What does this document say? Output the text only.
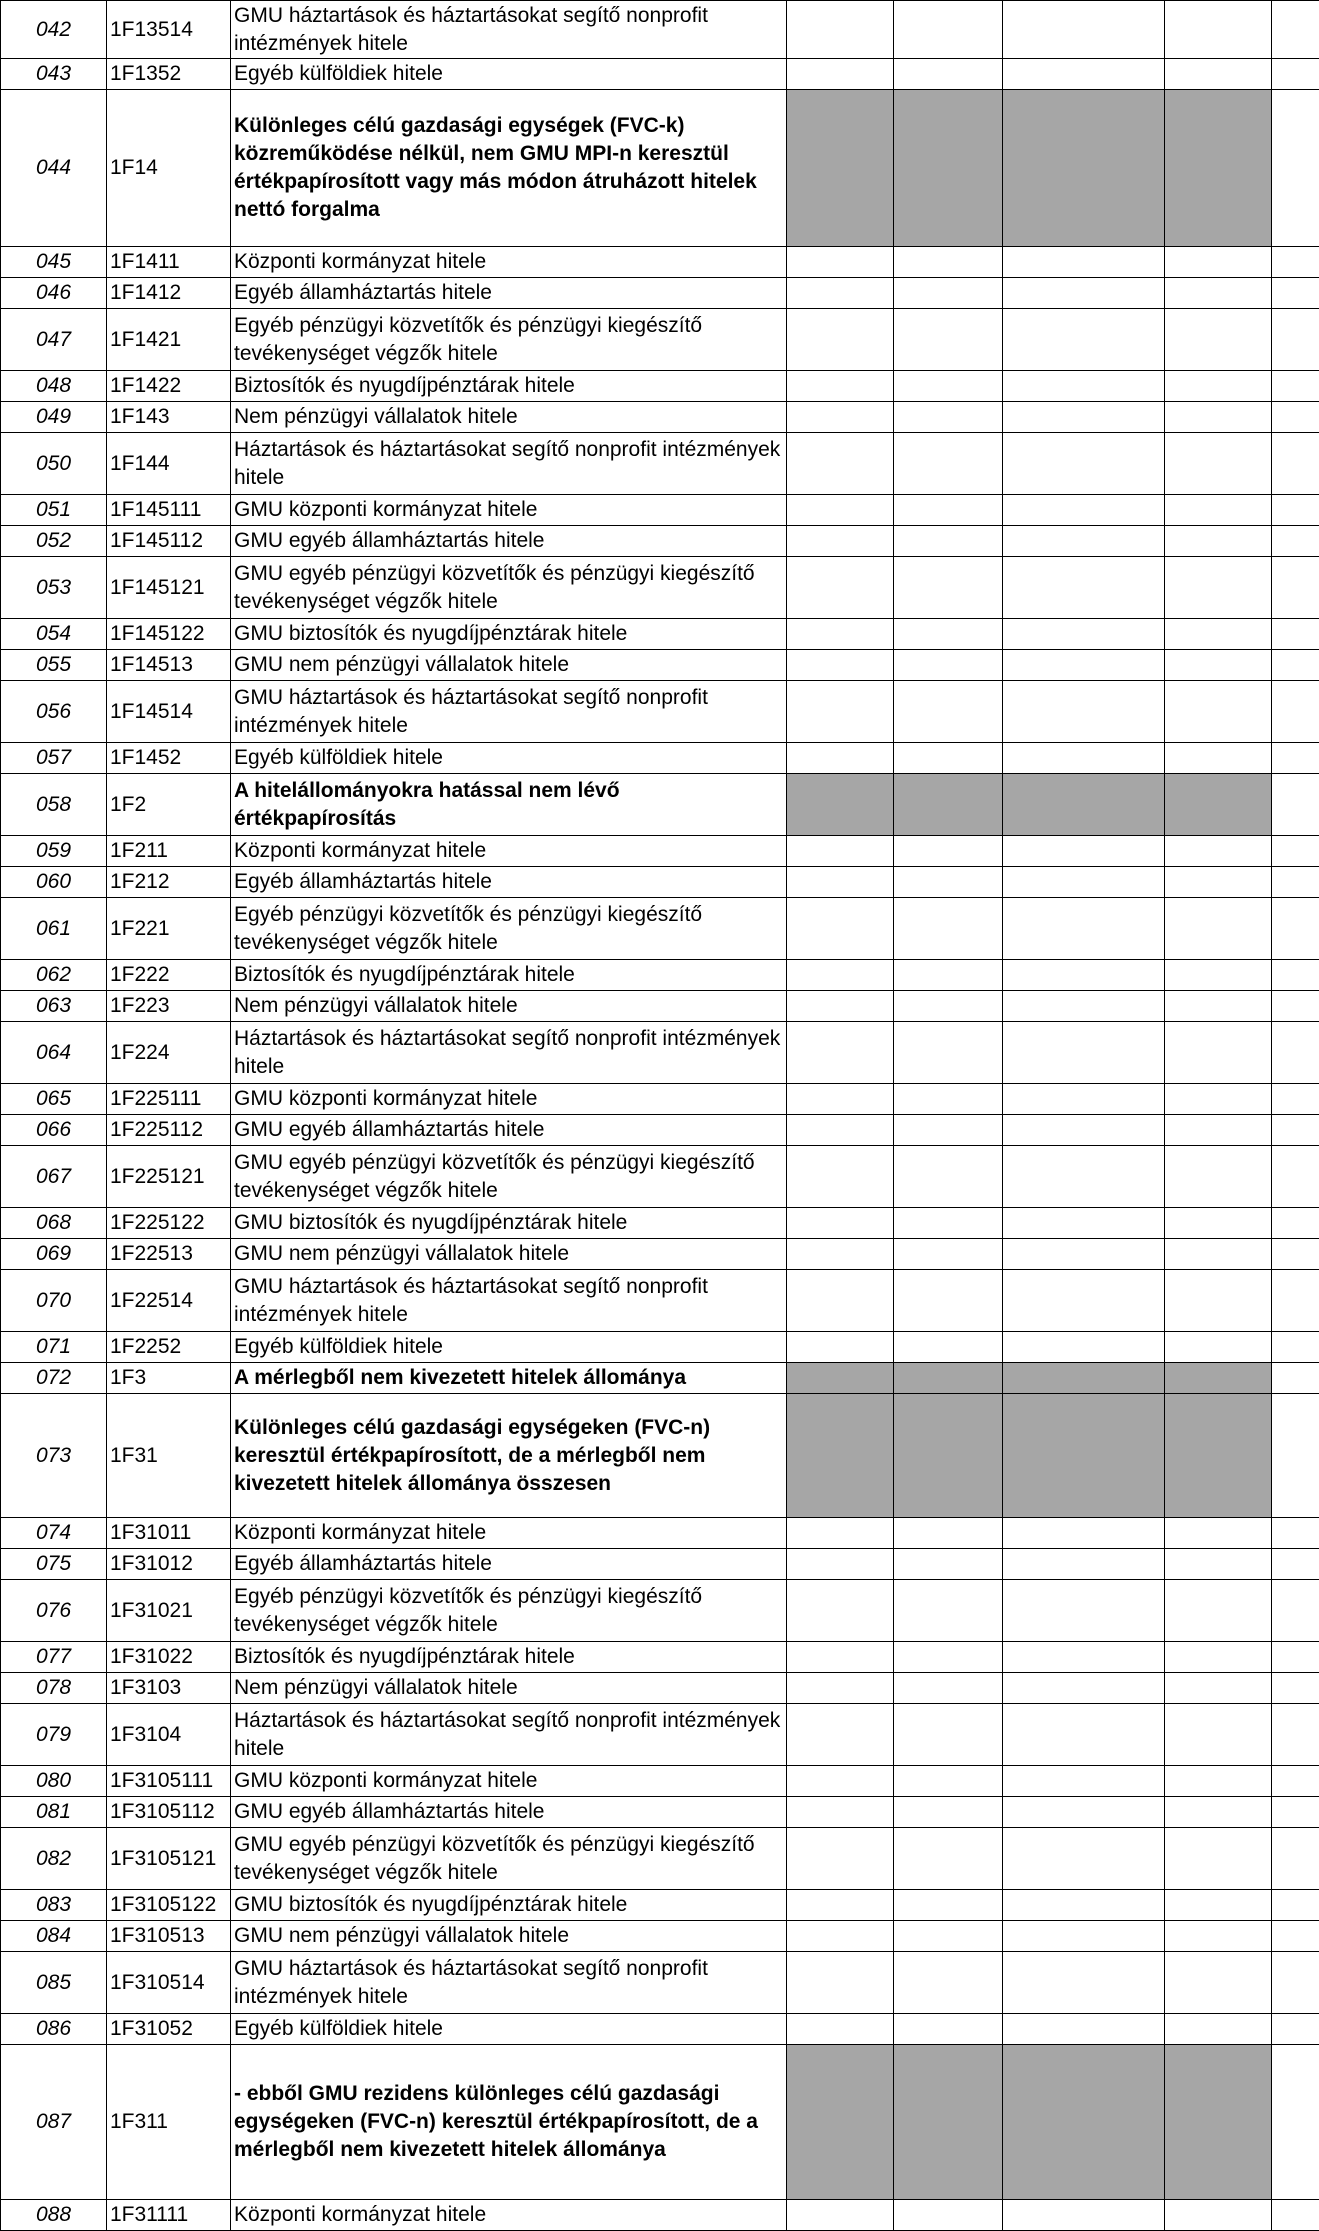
042	1F13514	GMU háztartások és háztartásokat segítő nonprofit intézmények hitele					
043	1F1352	Egyéb külföldiek hitele					
044	1F14	Különleges célú gazdasági egységek (FVC-k) közreműködése nélkül, nem GMU MPI-n keresztül értékpapírosított vagy más módon átruházott hitelek nettó forgalma					
045	1F1411	Központi kormányzat hitele					
046	1F1412	Egyéb államháztartás hitele					
047	1F1421	Egyéb pénzügyi közvetítők és pénzügyi kiegészítő tevékenységet végzők hitele					
048	1F1422	Biztosítók és nyugdíjpénztárak hitele					
049	1F143	Nem pénzügyi vállalatok hitele					
050	1F144	Háztartások és háztartásokat segítő nonprofit intézmények hitele					
051	1F145111	GMU központi kormányzat hitele					
052	1F145112	GMU egyéb államháztartás hitele					
053	1F145121	GMU egyéb pénzügyi közvetítők és pénzügyi kiegészítő tevékenységet végzők hitele					
054	1F145122	GMU biztosítók és nyugdíjpénztárak hitele					
055	1F14513	GMU nem pénzügyi vállalatok hitele					
056	1F14514	GMU háztartások és háztartásokat segítő nonprofit intézmények hitele					
057	1F1452	Egyéb külföldiek hitele					
058	1F2	A hitelállományokra hatással nem lévő értékpapírosítás					
059	1F211	Központi kormányzat hitele					
060	1F212	Egyéb államháztartás hitele					
061	1F221	Egyéb pénzügyi közvetítők és pénzügyi kiegészítő tevékenységet végzők hitele					
062	1F222	Biztosítók és nyugdíjpénztárak hitele					
063	1F223	Nem pénzügyi vállalatok hitele					
064	1F224	Háztartások és háztartásokat segítő nonprofit intézmények hitele					
065	1F225111	GMU központi kormányzat hitele					
066	1F225112	GMU egyéb államháztartás hitele					
067	1F225121	GMU egyéb pénzügyi közvetítők és pénzügyi kiegészítő tevékenységet végzők hitele					
068	1F225122	GMU biztosítók és nyugdíjpénztárak hitele					
069	1F22513	GMU nem pénzügyi vállalatok hitele					
070	1F22514	GMU háztartások és háztartásokat segítő nonprofit intézmények hitele					
071	1F2252	Egyéb külföldiek hitele					
072	1F3	A mérlegből nem kivezetett hitelek állománya					
073	1F31	Különleges célú gazdasági egységeken (FVC-n) keresztül értékpapírosított, de a mérlegből nem kivezetett hitelek állománya összesen					
074	1F31011	Központi kormányzat hitele					
075	1F31012	Egyéb államháztartás hitele					
076	1F31021	Egyéb pénzügyi közvetítők és pénzügyi kiegészítő tevékenységet végzők hitele					
077	1F31022	Biztosítók és nyugdíjpénztárak hitele					
078	1F3103	Nem pénzügyi vállalatok hitele					
079	1F3104	Háztartások és háztartásokat segítő nonprofit intézmények hitele					
080	1F3105111	GMU központi kormányzat hitele					
081	1F3105112	GMU egyéb államháztartás hitele					
082	1F3105121	GMU egyéb pénzügyi közvetítők és pénzügyi kiegészítő tevékenységet végzők hitele					
083	1F3105122	GMU biztosítók és nyugdíjpénztárak hitele					
084	1F310513	GMU nem pénzügyi vállalatok hitele					
085	1F310514	GMU háztartások és háztartásokat segítő nonprofit intézmények hitele					
086	1F31052	Egyéb külföldiek hitele					
087	1F311	- ebből GMU rezidens különleges célú gazdasági egységeken (FVC-n) keresztül értékpapírosított, de a mérlegből nem kivezetett hitelek állománya					
088	1F31111	Központi kormányzat hitele					
